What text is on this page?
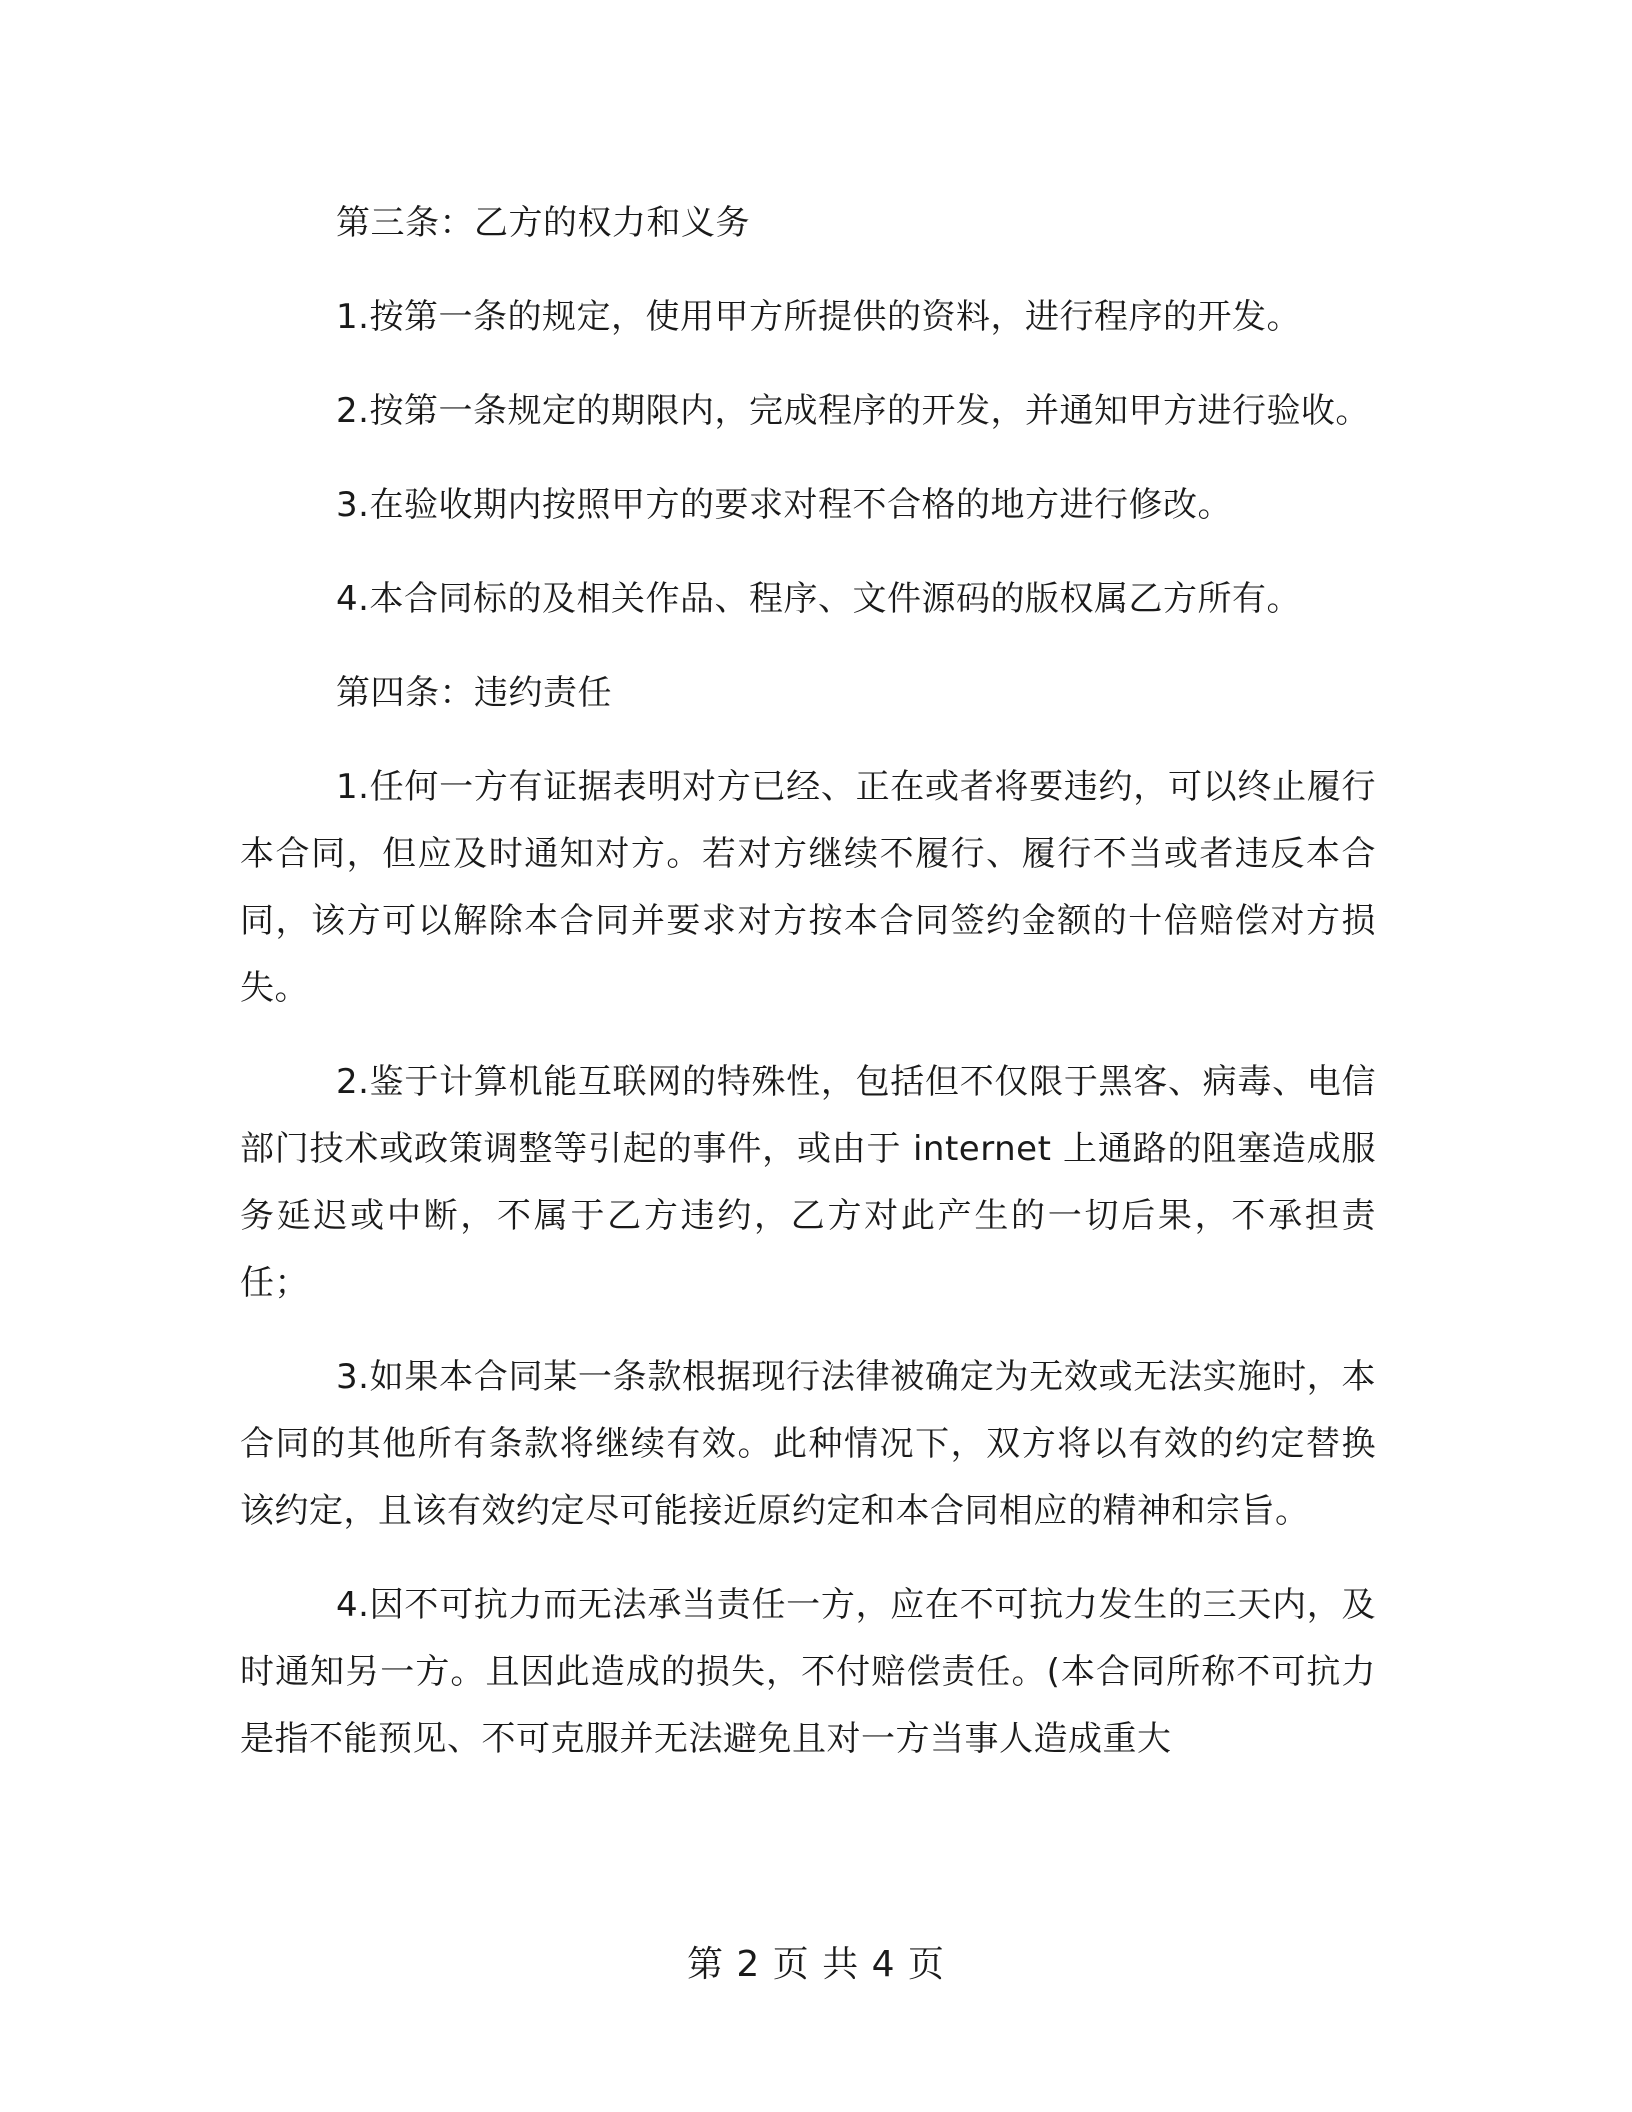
第三条：乙方的权力和义务

1.按第一条的规定，使用甲方所提供的资料，进行程序的开发。

2.按第一条规定的期限内，完成程序的开发，并通知甲方进行验收。

3.在验收期内按照甲方的要求对程不合格的地方进行修改。

4.本合同标的及相关作品、程序、文件源码的版权属乙方所有。

第四条：违约责任

1.任何一方有证据表明对方已经、正在或者将要违约，可以终止履行本合同，但应及时通知对方。若对方继续不履行、履行不当或者违反本合同，该方可以解除本合同并要求对方按本合同签约金额的十倍赔偿对方损失。

2.鉴于计算机能互联网的特殊性，包括但不仅限于黑客、病毒、电信部门技术或政策调整等引起的事件，或由于 internet 上通路的阻塞造成服务延迟或中断，不属于乙方违约，乙方对此产生的一切后果，不承担责任；

3.如果本合同某一条款根据现行法律被确定为无效或无法实施时，本合同的其他所有条款将继续有效。此种情况下，双方将以有效的约定替换该约定，且该有效约定尽可能接近原约定和本合同相应的精神和宗旨。

4.因不可抗力而无法承当责任一方，应在不可抗力发生的三天内，及时通知另一方。且因此造成的损失，不付赔偿责任。(本合同所称不可抗力是指不能预见、不可克服并无法避免且对一方当事人造成重大

第 2 页 共 4 页
